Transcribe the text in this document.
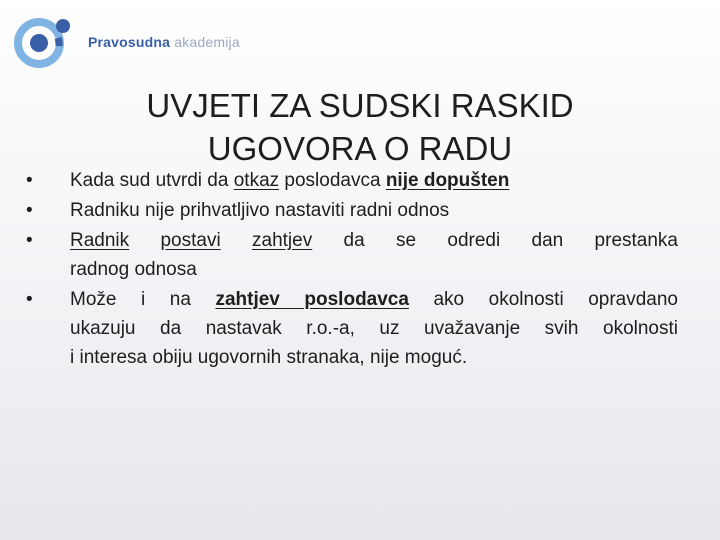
Pravosudna akademija
UVJETI ZA SUDSKI RASKID
UGOVORA O RADU
• Kada sud utvrdi da otkaz poslodavca nije dopušten
• Radniku nije prihvatljivo nastaviti radni odnos
• Radnik postavi zahtjev da se odredi dan prestanka
radnog odnosa
• Može i na zahtjev poslodavca ako okolnosti opravdano
ukazuju da nastavak r.o.-a, uz uvažavanje svih okolnosti
i interesa obiju ugovornih stranaka, nije moguć.
